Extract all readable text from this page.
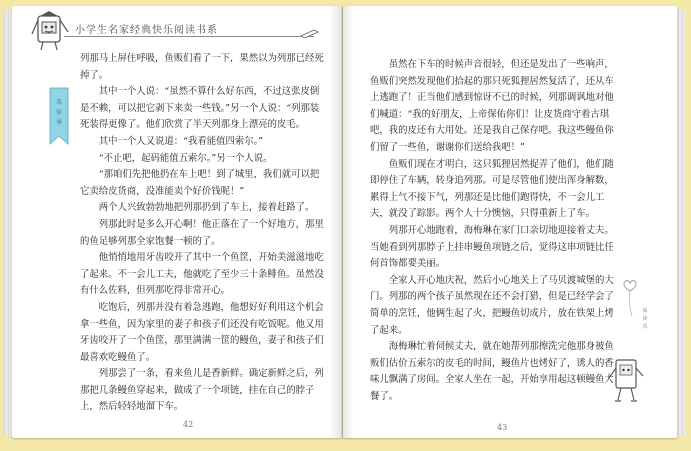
小学生名家经典快乐阅读书系
名
家
导

列那马上屏住呼吸，鱼贩们看了一下，果然以为列那已经死掉了。

其中一个人说：“虽然不算什么好东西，不过这张皮倒是不赖，可以把它剥下来卖一些钱。”另一个人说：“列那装死装得更像了。他们欣赏了半天列那身上漂亮的皮毛。

其中一个人又说道：“我看能值四索尔。”

“不止吧，起码能值五索尔。”另一个人说。

“那咱们先把他扔在车上吧！到了城里，我们就可以把它卖给皮货商，没准能卖个好价钱呢！”

两个人兴致勃勃地把列那扔到了车上，接着赶路了。

列那此时是多么开心啊！他正落在了一个好地方，那里的鱼足够列那全家饱餐一顿的了。

他悄悄地用牙齿咬开了其中一个鱼筐，开始美滋滋地吃了起来。不一会儿工夫，他就吃了至少三十条鲱鱼。虽然没有什么佐料，但列那吃得非常开心。

吃饱后，列那并没有着急逃跑，他想好好利用这个机会拿一些鱼，因为家里的妻子和孩子们还没有吃饭呢。他又用牙齿咬开了一个鱼筐，那里满满一筐的鳗鱼，妻子和孩子们最喜欢吃鳗鱼了。

列那尝了一条，看来鱼儿是香新鲜。确定新鲜之后，列那把几条鳗鱼穿起来，做成了一个项链，挂在自己的脖子上，然后轻轻地溜下车。

42

虽然在下车的时候声音很轻，但还是发出了一些响声，鱼贩们突然发现他们拾起的那只死狐狸居然复活了，还从车上逃跑了！正当他们感到惊讶不已的时候，列那调讽地对他们喊道：“我的好朋友，上帝保佑你们！让皮货商守着古琪吧，我的皮还有大用处。还是我自己保存吧。我这些鳗鱼你们留了一些鱼，谢谢你们送给我吧！”

鱼贩们现在才明白，这只狐狸居然捉弄了他们，他们随即停住了车辆，转身追列那。可是尽管他们使出浑身解数，累得上气不接下气，列那还是比他们跑得快，不一会儿工夫，就没了踪影。两个人十分懊恼，只得重新上了车。

列那开心地跑着，海梅琳在家门口亲切地迎接着丈夫。当她看到列那脖子上挂串鳗鱼项链之后，觉得这串项链比任何首饰都要美丽。

全家人开心地庆祝，然后小心地关上了马贝渡城堡的大门。列那的两个孩子虽然现在还不会打猎，但是已经学会了简单的烹饪，他俩生起了火，把鳗鱼切成片，放在铁架上烤了起来。

海梅琳忙着伺候丈夫，就在她帮列那擦洗完他那身被鱼贩们估价五索尔的皮毛的时间，鳗鱼片也烤好了，诱人的香味儿飘满了房间。全家人坐在一起，开始享用起这顿鳗鱼大餐了。

43
阅
读
乐
